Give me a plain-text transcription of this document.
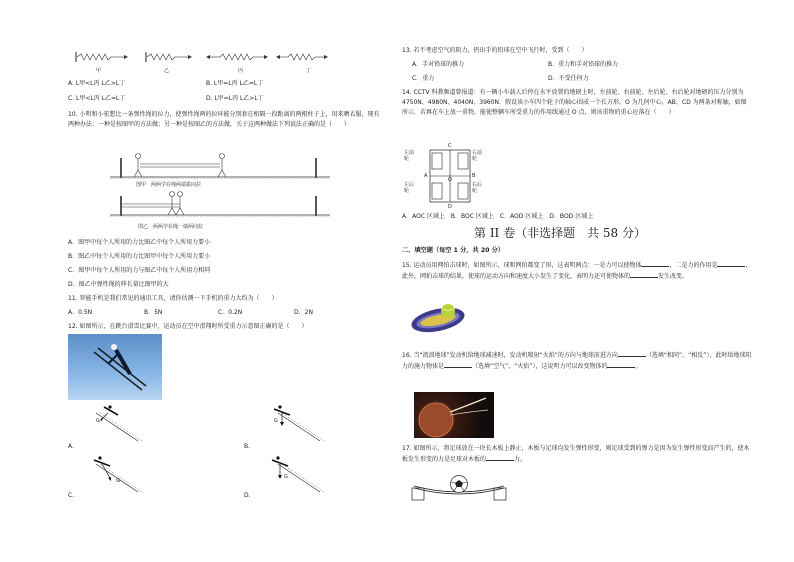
甲	乙	丙	丁
A. L甲<L丙 L乙>L丁	B. L甲=L丙 L乙=L丁
C. L甲<L丙 L乙=L丁	D. L甲=L丙 L乙>L丁
10. 小明和小宏想比一条弹性绳的拉力，使弹性绳两的拉环能分别套在相隔一段距离的两根柱子上，用来晒衣服，现有两种办法：一种是按图甲的方法做；另一种是按图乙的方法做，关于这两种做法下列说法正确的是（　　）
图甲　两两学在绳两端拔向拉
图乙　两两学在绳一端两向拉
A．图甲中每个人所用的力比图乙中每个人所用力要小
B．图乙中每个人所用的力比图甲中每个人所用力要小
C．图甲中每个人所用的力与图乙中每个人所用力相同
D．图乙中弹性绳的伸长量比图甲的大
11. 智能手机是我们常见的通讯工具，请你估测一下手机的重力大约为（　　）
A．0.5N	B．5N	C．0.2N	D．2N
12. 如图所示，在跳台滑雪比赛中，运动员在空中滑翔时所受重力示意图正确的是（　　）
G
A.
G
B.
G
C.
G
D.
13. 若不考虑空气的阻力，扔出手的铅球在空中飞行时，受到（　　）
A．手对铅球的推力	B．重力和手对铅球的推力
C．重力	D．不受任何力
14. CCTV 科教频道曾报道：有一辆小车载人后停在水平放置的地磅上时，左前轮、右前轮、左后轮、右后轮对地磅的压力分别为 4750N、4980N、4040N、3960N．假设该小车四个轮子的轴心围成一个长方形，O 为几何中心，AB、CD 为两条对称轴，如图所示．若再在车上放一重物，能使整辆车所受重力的作用线通过 O 点，则该重物的重心应落在（　　）
左前轮
右前轮
左后轮
右后轮
C
D
A	B
O
A．AOC 区域上　B．BOC 区域上　C．AOD 区域上　D．BOD 区域上
第 II 卷（非选择题　共 58 分）
二、填空题（每空 1 分，共 20 分）
15. 运动员用网拍击球时，如图所示，球和网拍都变了形，这表明两点：一是力可以使物体	，二是力的作用是	，此外，网拍击球的结果，使球的运动方向和速度大小发生了变化，表明力还可使物体的	发生改变。
16. 当“流浪地球”发动机给地球减速时，发动机喷射“火焰”的方向与地球前进方向	（选填“相同”、“相反”），此时给地球阻力的施力物体是	（选填“空气”、“火焰”），这说明力可以改变物体的	。
17. 如图所示，将足球放在一块长木板上静止，木板与足球均发生弹性形变，则足球受到的弹力是因为发生弹性形变而产生的，使木板发生形变的力是足球对木板的	力。
